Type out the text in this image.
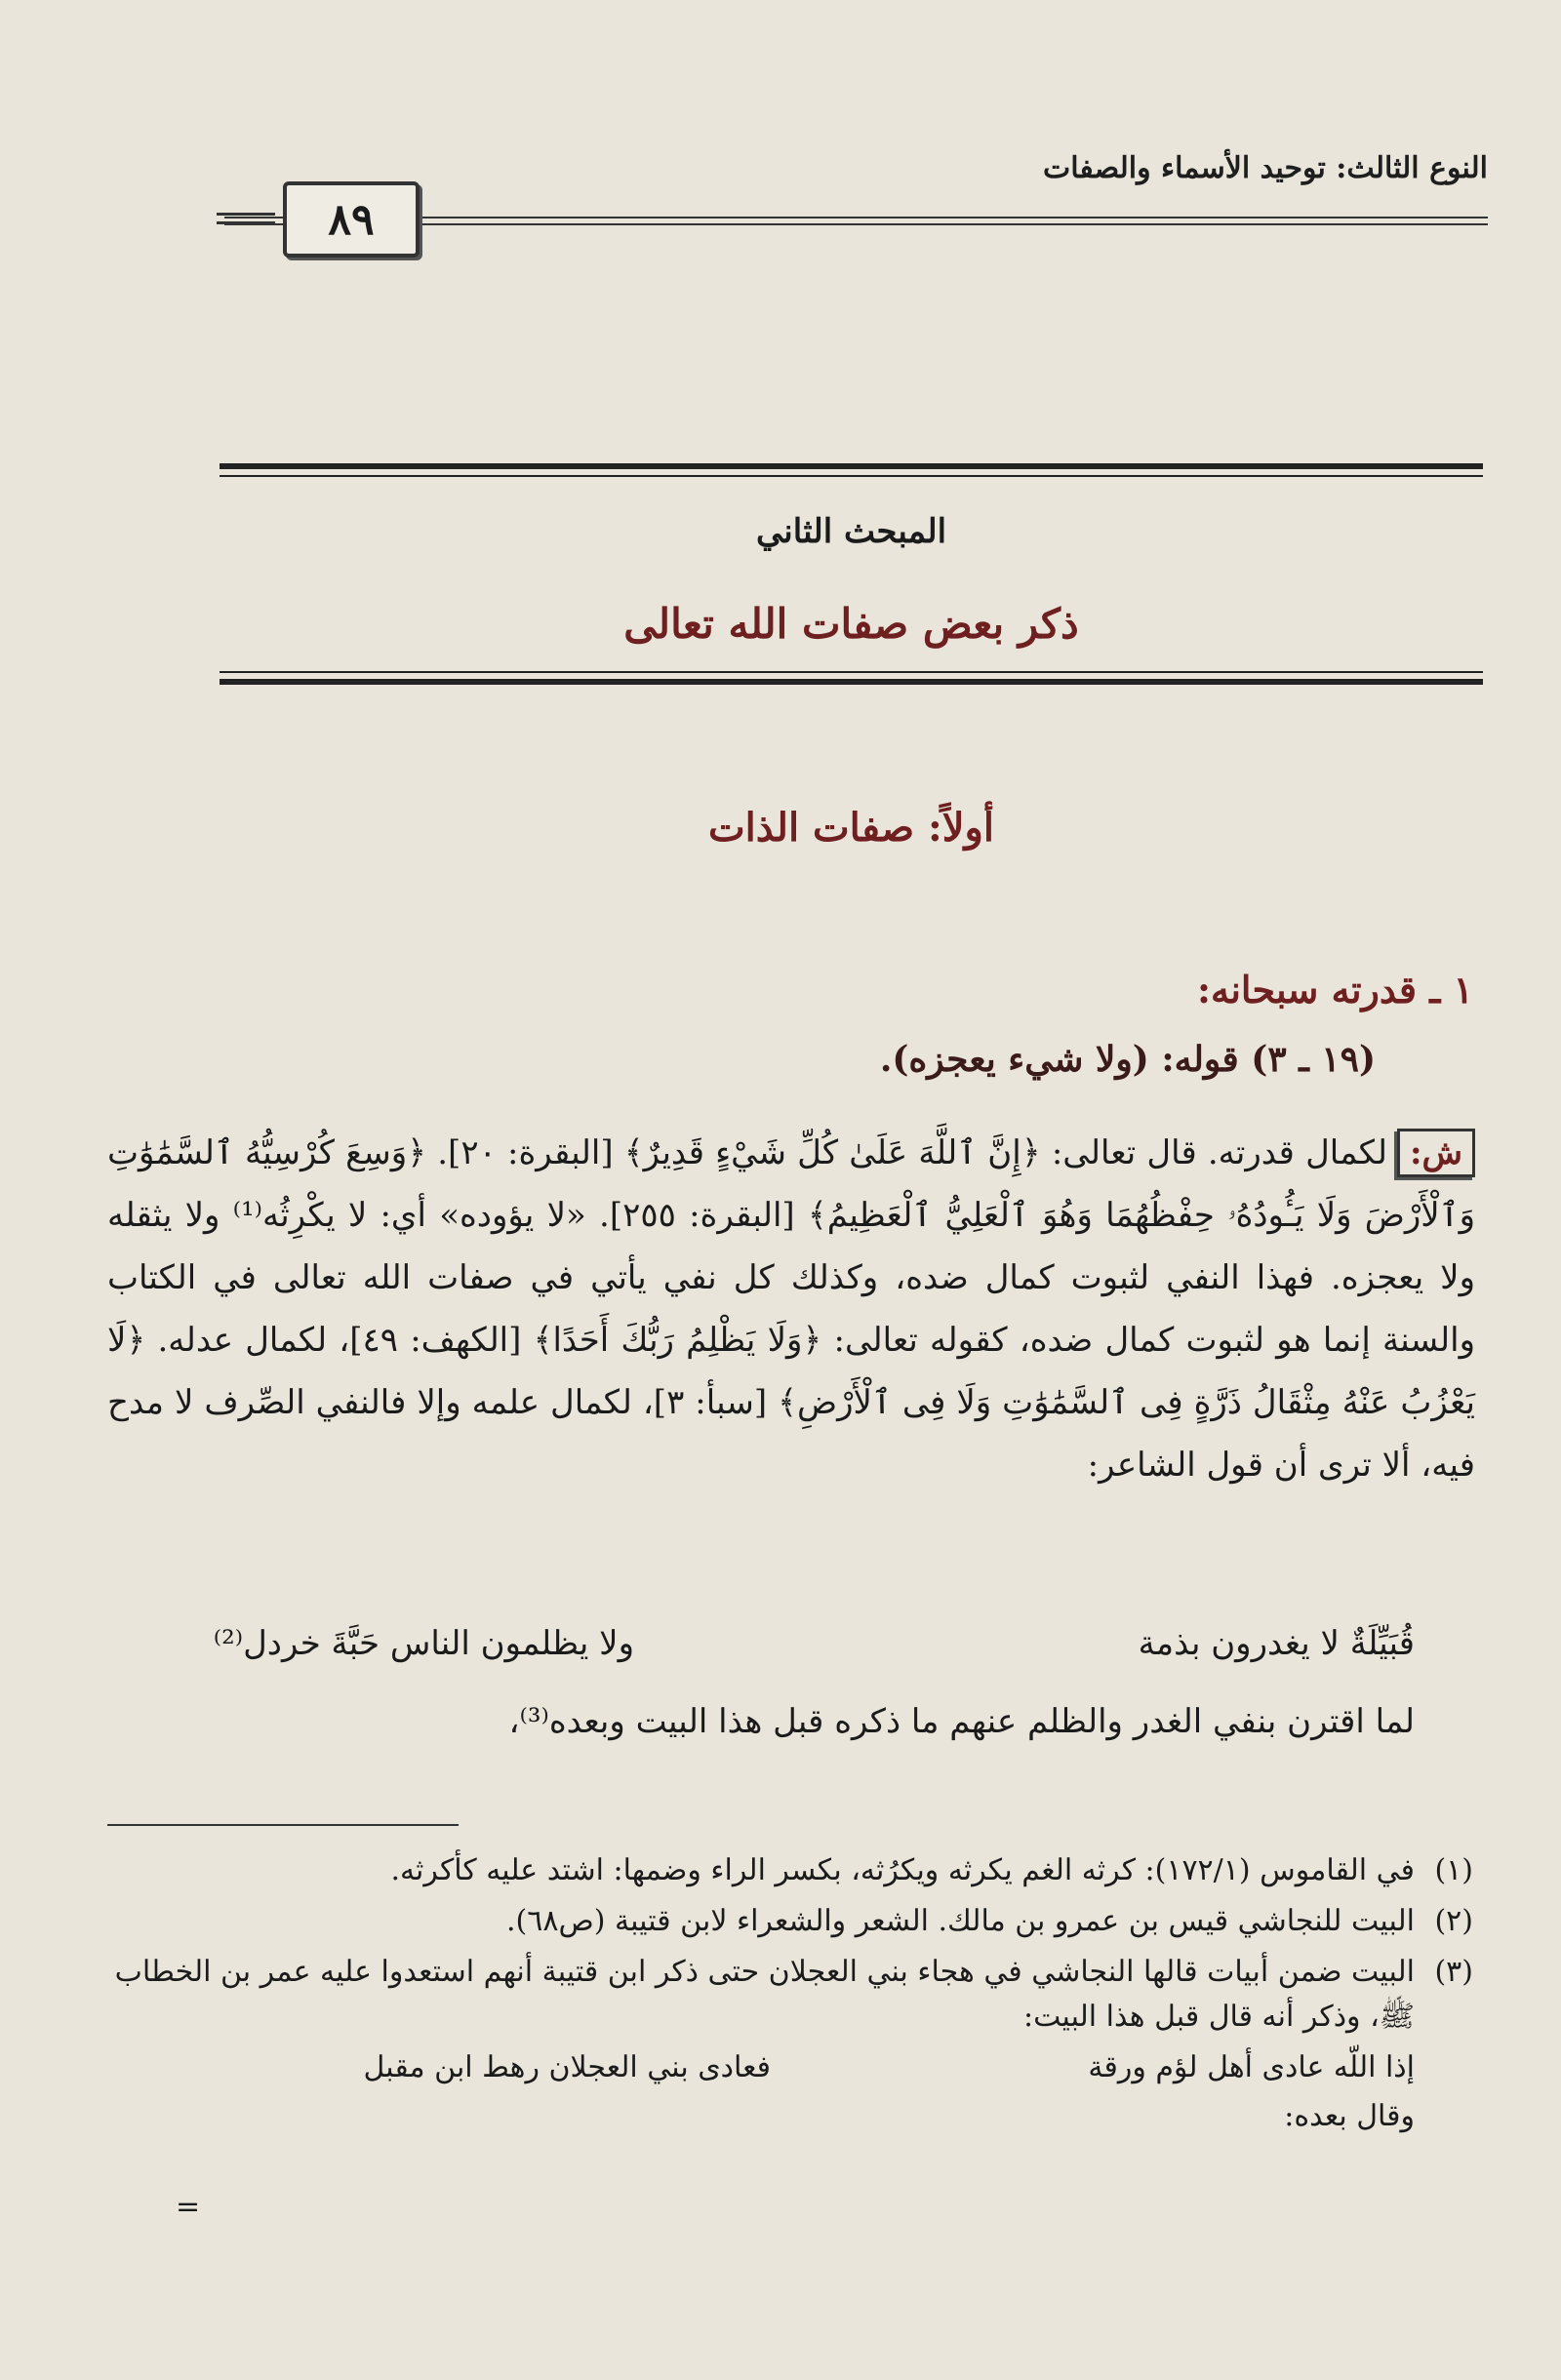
النوع الثالث: توحيد الأسماء والصفات
٨٩
المبحث الثاني
ذكر بعض صفات الله تعالى
أولاً: صفات الذات
١ ـ قدرته سبحانه:
(١٩ ـ ٣) قوله: (ولا شيء يعجزه).

ش:لكمال قدرته. قال تعالى: ﴿إِنَّ ٱللَّهَ عَلَىٰ كُلِّ شَيْءٍ قَدِيرٌ﴾ [البقرة: ٢٠]. ﴿وَسِعَ كُرْسِيُّهُ ٱلسَّمَٰوَٰتِ وَٱلْأَرْضَ وَلَا يَـُٔودُهُۥ حِفْظُهُمَا وَهُوَ ٱلْعَلِيُّ ٱلْعَظِيمُ﴾ [البقرة: ٢٥٥]. «لا يؤوده» أي: لا يكْرِثُه⁽¹⁾ ولا يثقله ولا يعجزه. فهذا النفي لثبوت كمال ضده، وكذلك كل نفي يأتي في صفات الله تعالى في الكتاب والسنة إنما هو لثبوت كمال ضده، كقوله تعالى: ﴿وَلَا يَظْلِمُ رَبُّكَ أَحَدًا﴾ [الكهف: ٤٩]، لكمال عدله. ﴿لَا يَعْزُبُ عَنْهُ مِثْقَالُ ذَرَّةٍ فِى ٱلسَّمَٰوَٰتِ وَلَا فِى ٱلْأَرْضِ﴾ [سبأ: ٣]، لكمال علمه وإلا فالنفي الصِّرف لا مدح فيه، ألا ترى أن قول الشاعر:

قُبَيِّلَةٌ لا يغدرون بذمة
ولا يظلمون الناس حَبَّةَ خردل⁽²⁾
لما اقترن بنفي الغدر والظلم عنهم ما ذكره قبل هذا البيت وبعده⁽³⁾،
(١)
في القاموس (١٧٢/١): كرثه الغم يكرثه ويكرُثه، بكسر الراء وضمها: اشتد عليه كأكرثه.
(٢)
البيت للنجاشي قيس بن عمرو بن مالك. الشعر والشعراء لابن قتيبة (ص٦٨).
(٣)
البيت ضمن أبيات قالها النجاشي في هجاء بني العجلان حتى ذكر ابن قتيبة أنهم استعدوا عليه عمر بن الخطاب ﷺ، وذكر أنه قال قبل هذا البيت:
إذا اللّه عادى أهل لؤم ورقة
فعادى بني العجلان رهط ابن مقبل
وقال بعده:
=
